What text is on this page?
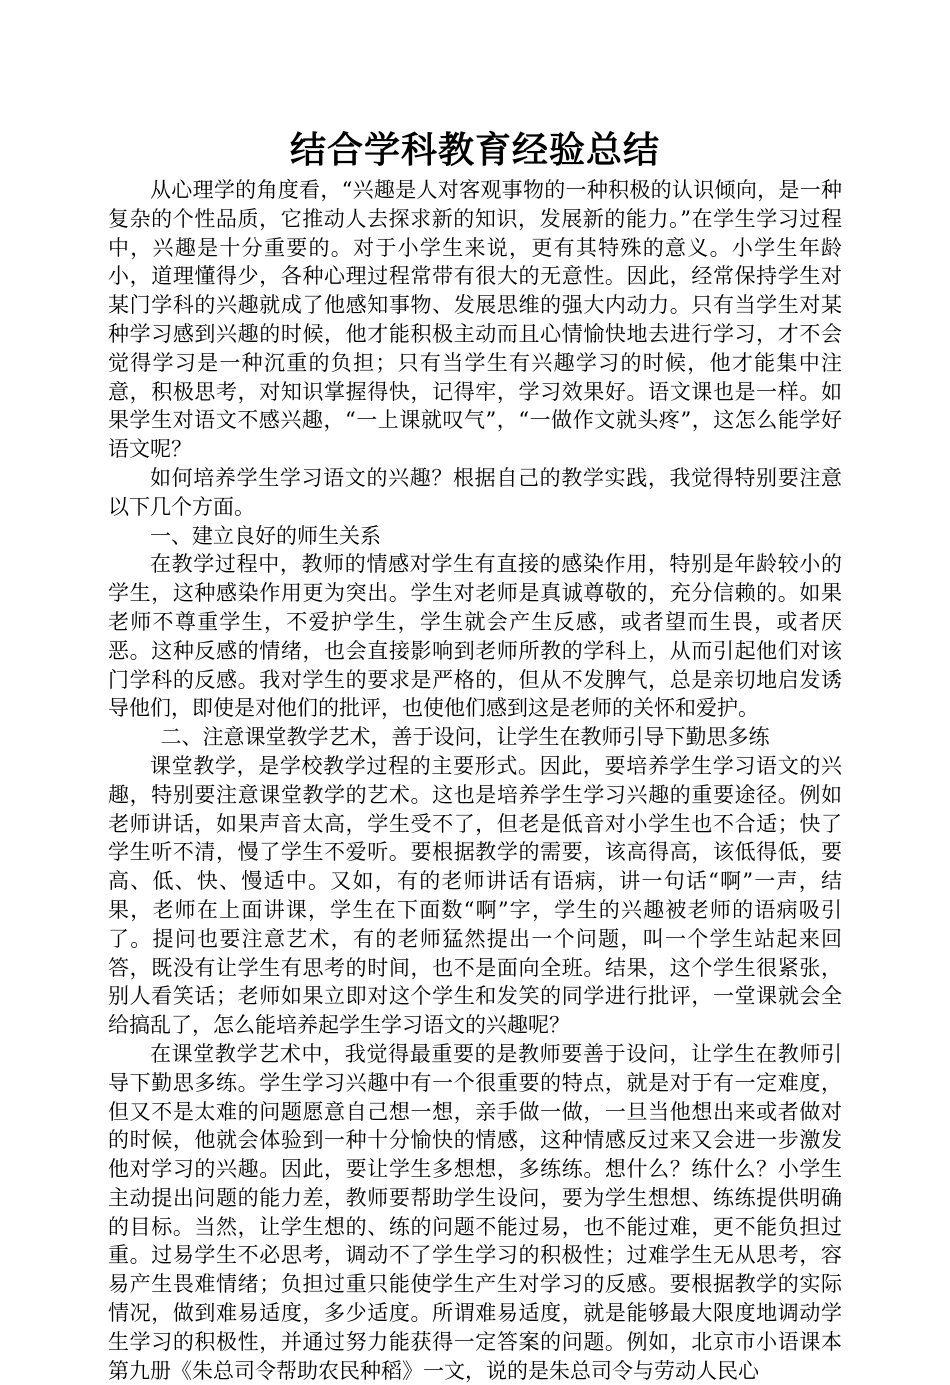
结合学科教育经验总结

从心理学的角度看，“兴趣是人对客观事物的一种积极的认识倾向，是一种复杂的个性品质，它推动人去探求新的知识，发展新的能力。”在学生学习过程中，兴趣是十分重要的。对于小学生来说，更有其特殊的意义。小学生年龄小，道理懂得少，各种心理过程常带有很大的无意性。因此，经常保持学生对某门学科的兴趣就成了他感知事物、发展思维的强大内动力。只有当学生对某种学习感到兴趣的时候，他才能积极主动而且心情愉快地去进行学习，才不会觉得学习是一种沉重的负担；只有当学生有兴趣学习的时候，他才能集中注意，积极思考，对知识掌握得快，记得牢，学习效果好。语文课也是一样。如果学生对语文不感兴趣，“一上课就叹气”，“一做作文就头疼”，这怎么能学好语文呢？

如何培养学生学习语文的兴趣？根据自己的教学实践，我觉得特别要注意以下几个方面。

一、建立良好的师生关系

在教学过程中，教师的情感对学生有直接的感染作用，特别是年龄较小的学生，这种感染作用更为突出。学生对老师是真诚尊敬的，充分信赖的。如果老师不尊重学生，不爱护学生，学生就会产生反感，或者望而生畏，或者厌恶。这种反感的情绪，也会直接影响到老师所教的学科上，从而引起他们对该门学科的反感。我对学生的要求是严格的，但从不发脾气，总是亲切地启发诱导他们，即使是对他们的批评，也使他们感到这是老师的关怀和爱护。

二、注意课堂教学艺术，善于设问，让学生在教师引导下勤思多练

课堂教学，是学校教学过程的主要形式。因此，要培养学生学习语文的兴趣，特别要注意课堂教学的艺术。这也是培养学生学习兴趣的重要途径。例如老师讲话，如果声音太高，学生受不了，但老是低音对小学生也不合适；快了学生听不清，慢了学生不爱听。要根据教学的需要，该高得高，该低得低，要高、低、快、慢适中。又如，有的老师讲话有语病，讲一句话“啊”一声，结果，老师在上面讲课，学生在下面数“啊”字，学生的兴趣被老师的语病吸引了。提问也要注意艺术，有的老师猛然提出一个问题，叫一个学生站起来回答，既没有让学生有思考的时间，也不是面向全班。结果，这个学生很紧张，别人看笑话；老师如果立即对这个学生和发笑的同学进行批评，一堂课就会全给搞乱了，怎么能培养起学生学习语文的兴趣呢？

在课堂教学艺术中，我觉得最重要的是教师要善于设问，让学生在教师引导下勤思多练。学生学习兴趣中有一个很重要的特点，就是对于有一定难度，但又不是太难的问题愿意自己想一想，亲手做一做，一旦当他想出来或者做对的时候，他就会体验到一种十分愉快的情感，这种情感反过来又会进一步激发他对学习的兴趣。因此，要让学生多想想，多练练。想什么？练什么？小学生主动提出问题的能力差，教师要帮助学生设问，要为学生想想、练练提供明确的目标。当然，让学生想的、练的问题不能过易，也不能过难，更不能负担过重。过易学生不必思考，调动不了学生学习的积极性；过难学生无从思考，容易产生畏难情绪；负担过重只能使学生产生对学习的反感。要根据教学的实际情况，做到难易适度，多少适度。所谓难易适度，就是能够最大限度地调动学生学习的积极性，并通过努力能获得一定答案的问题。例如，北京市小语课本第九册《朱总司令帮助农民种稻》一文，说的是朱总司令与劳动人民心
